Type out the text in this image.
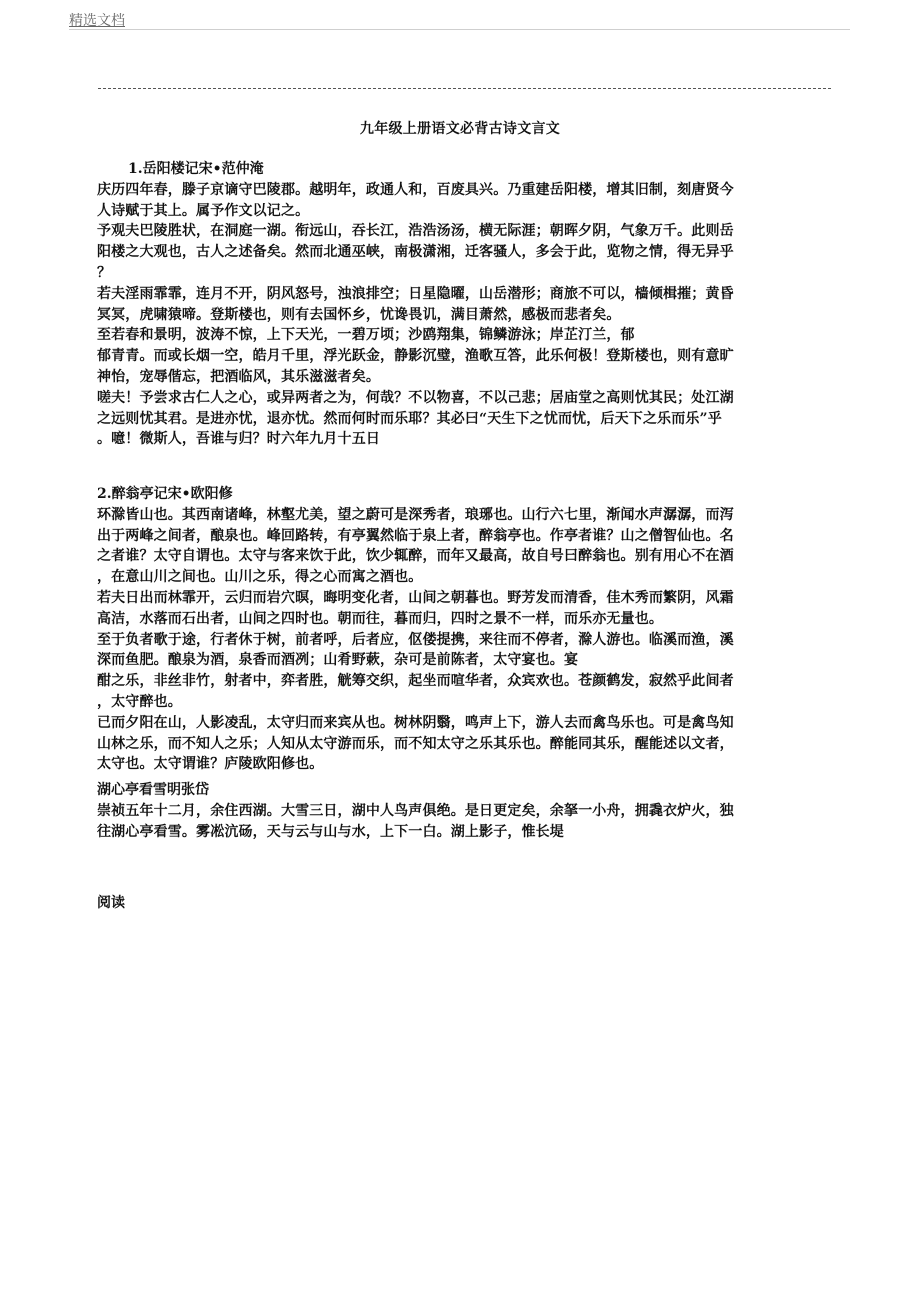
精选文档
九年级上册语文必背古诗文言文

1.岳阳楼记宋•范仲淹

庆历四年春，滕子京谪守巴陵郡。越明年，政通人和，百废具兴。乃重建岳阳楼，增其旧制，刻唐贤今
人诗赋于其上。属予作文以记之。

予观夫巴陵胜状，在洞庭一湖。衔远山，吞长江，浩浩汤汤，横无际涯；朝晖夕阴，气象万千。此则岳
阳楼之大观也，古人之述备矣。然而北通巫峡，南极潇湘，迁客骚人，多会于此，览物之情，得无异乎
？

若夫淫雨霏霏，连月不开，阴风怒号，浊浪排空；日星隐曜，山岳潜形；商旅不可以，樯倾楫摧；黄昏
冥冥，虎啸猿啼。登斯楼也，则有去国怀乡，忧谗畏讥，满目萧然，感极而悲者矣。

至若春和景明，波涛不惊，上下天光，一碧万顷；沙鸥翔集，锦鳞游泳；岸芷汀兰，郁

郁青青。而或长烟一空，皓月千里，浮光跃金，静影沉璧，渔歌互答，此乐何极！登斯楼也，则有意旷
神怡，宠辱偕忘，把酒临风，其乐滋滋者矣。

嗟夫！予尝求古仁人之心，或异两者之为，何哉？不以物喜，不以己悲；居庙堂之高则忧其民；处江湖
之远则忧其君。是进亦忧，退亦忧。然而何时而乐耶？其必曰“天生下之忧而忧，后天下之乐而乐”乎
。噫！微斯人，吾谁与归？时六年九月十五日

2.醉翁亭记宋•欧阳修

环滁皆山也。其西南诸峰，林壑尤美，望之蔚可是深秀者，琅琊也。山行六七里，渐闻水声潺潺，而泻
出于两峰之间者，酿泉也。峰回路转，有亭翼然临于泉上者，醉翁亭也。作亭者谁？山之僧智仙也。名
之者谁？太守自谓也。太守与客来饮于此，饮少辄醉，而年又最高，故自号曰醉翁也。别有用心不在酒
，在意山川之间也。山川之乐，得之心而寓之酒也。

若夫日出而林霏开，云归而岩穴暝，晦明变化者，山间之朝暮也。野芳发而清香，佳木秀而繁阴，风霜
高洁，水落而石出者，山间之四时也。朝而往，暮而归，四时之景不一样，而乐亦无量也。

至于负者歌于途，行者休于树，前者呼，后者应，伛偻提携，来往而不停者，滁人游也。临溪而渔，溪
深而鱼肥。酿泉为酒，泉香而酒冽；山肴野蔌，杂可是前陈者，太守宴也。宴

酣之乐，非丝非竹，射者中，弈者胜，觥筹交织，起坐而喧华者，众宾欢也。苍颜鹤发，寂然乎此间者
，太守醉也。

已而夕阳在山，人影凌乱，太守归而来宾从也。树林阴翳，鸣声上下，游人去而禽鸟乐也。可是禽鸟知
山林之乐，而不知人之乐；人知从太守游而乐，而不知太守之乐其乐也。醉能同其乐，醒能述以文者，
太守也。太守谓谁？庐陵欧阳修也。

湖心亭看雪明张岱

崇祯五年十二月，余住西湖。大雪三日，湖中人鸟声俱绝。是日更定矣，余拏一小舟，拥毳衣炉火，独
往湖心亭看雪。雾凇沆砀，天与云与山与水，上下一白。湖上影子，惟长堤

阅读
